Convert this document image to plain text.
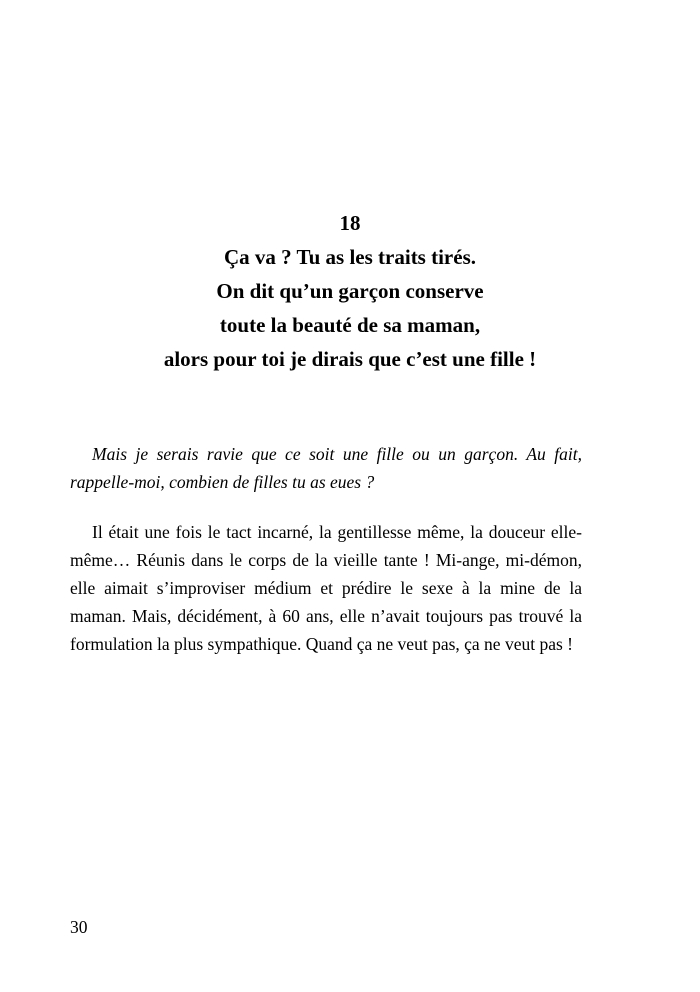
18
Ça va ? Tu as les traits tirés.
On dit qu’un garçon conserve
toute la beauté de sa maman,
alors pour toi je dirais que c’est une fille !

Mais je serais ravie que ce soit une fille ou un garçon. Au fait, rappelle-moi, combien de filles tu as eues ?

Il était une fois le tact incarné, la gentillesse même, la douceur elle-même… Réunis dans le corps de la vieille tante ! Mi-ange, mi-démon, elle aimait s’improviser médium et prédire le sexe à la mine de la maman. Mais, décidément, à 60 ans, elle n’avait toujours pas trouvé la formulation la plus sympathique. Quand ça ne veut pas, ça ne veut pas !

30
